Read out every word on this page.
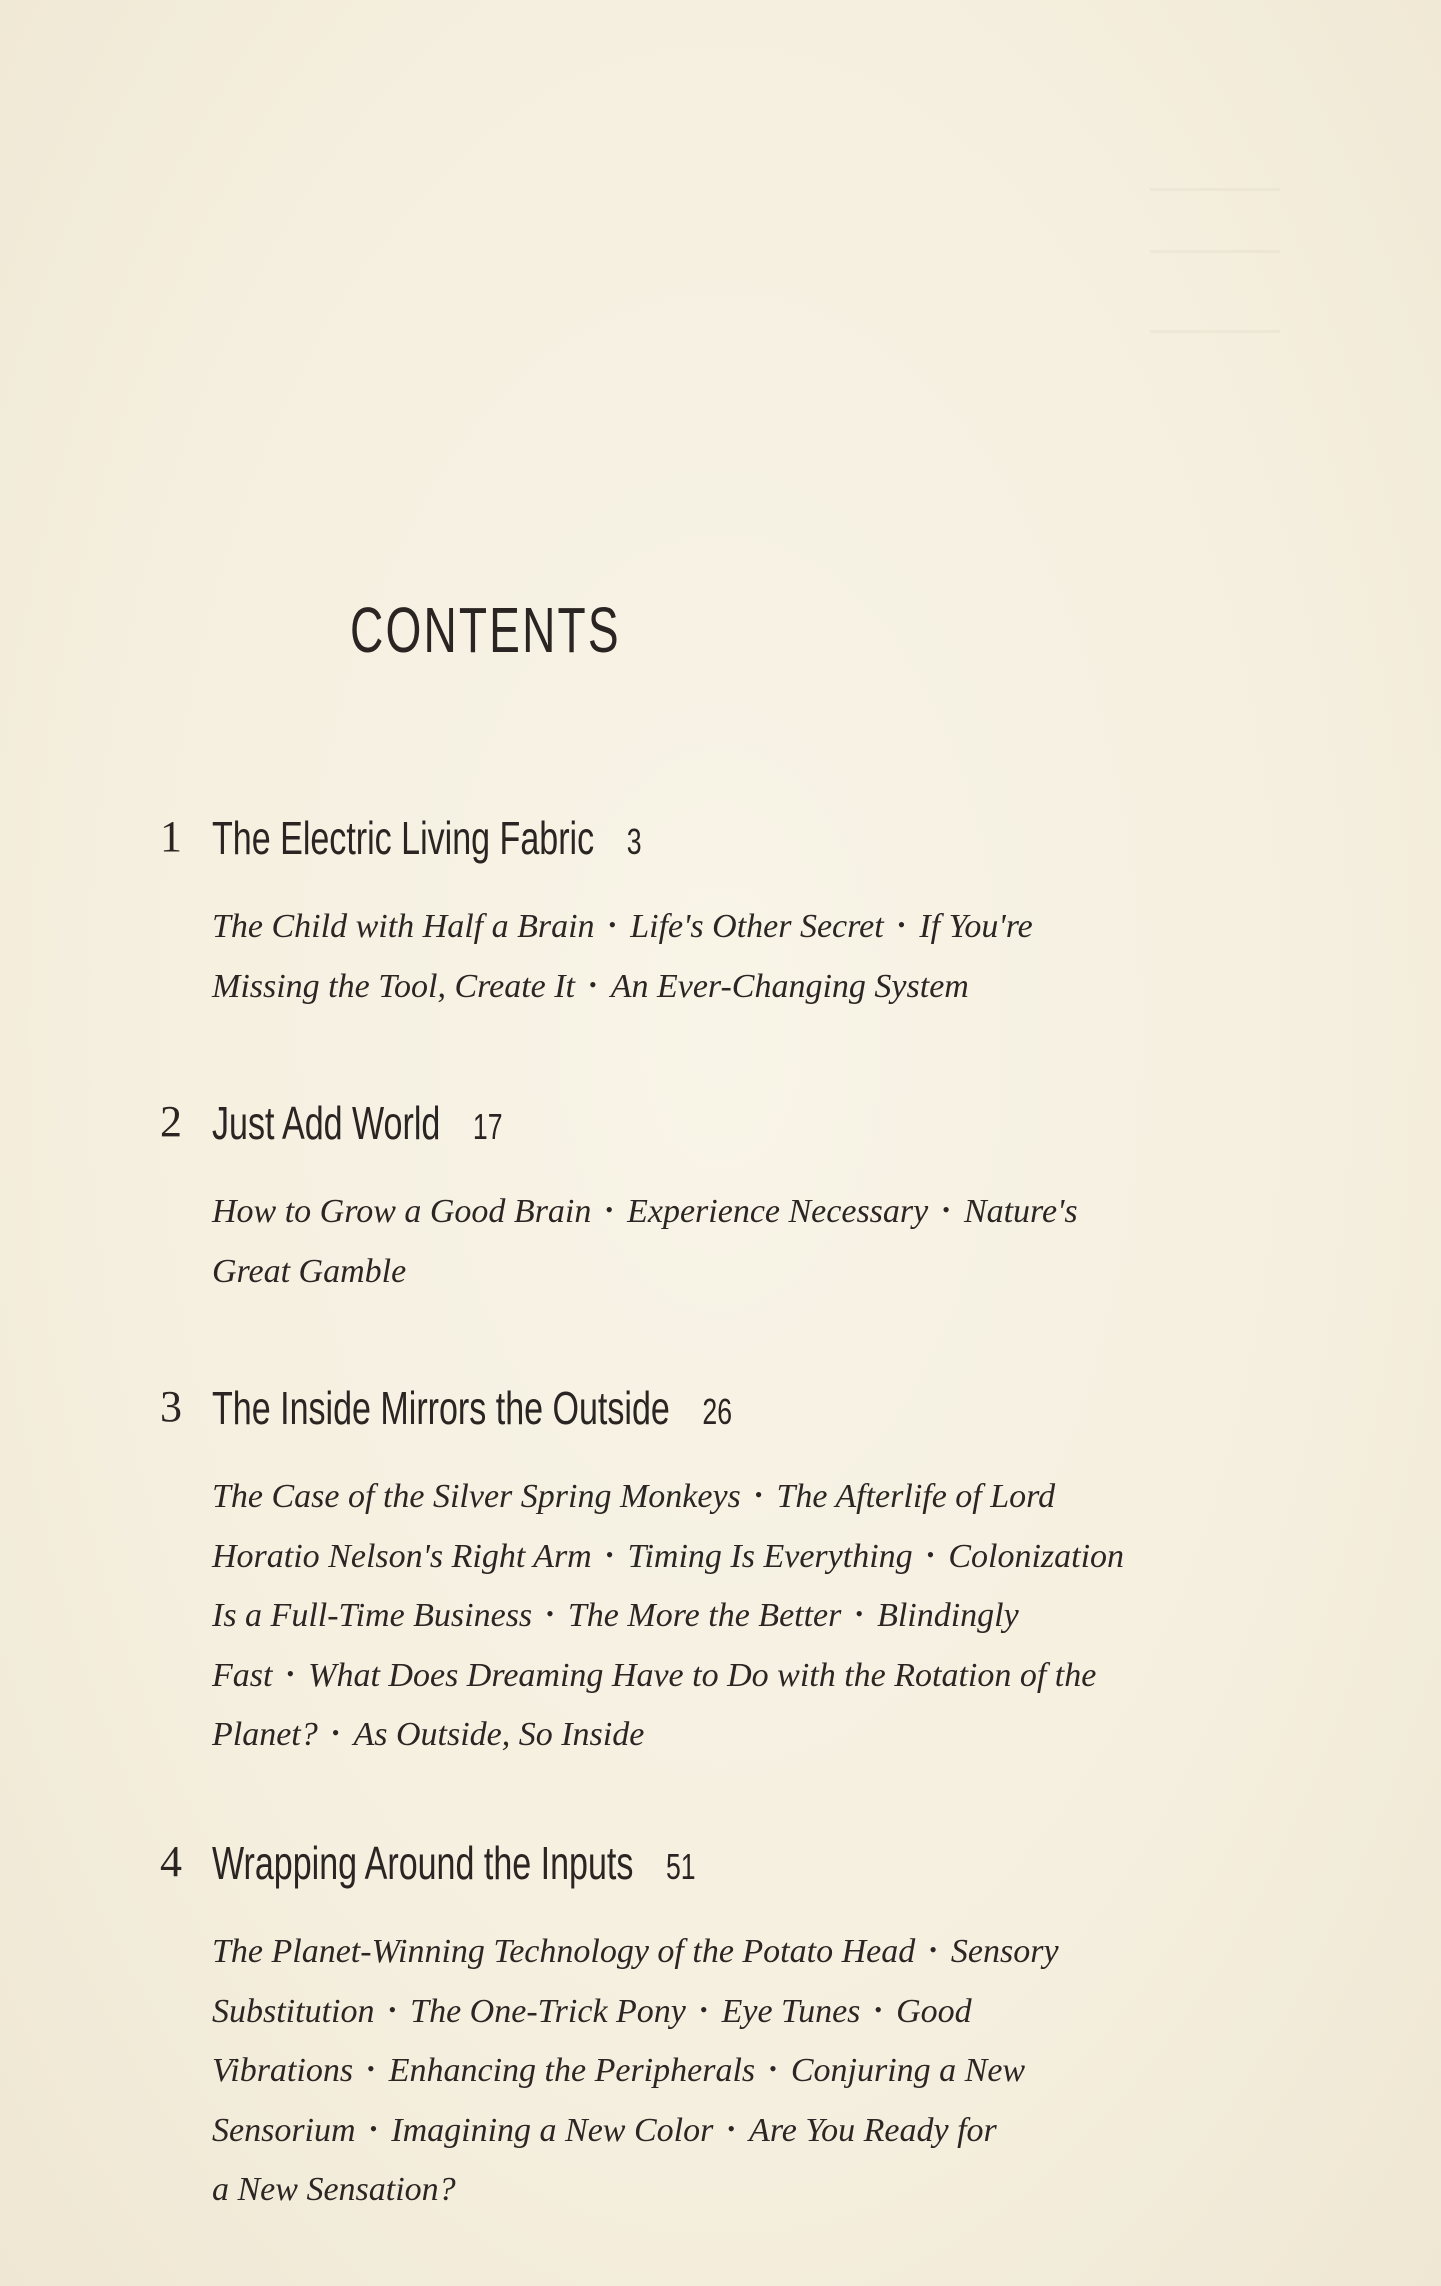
CONTENTS
1 The Electric Living Fabric 3
The Child with Half a Brain • Life's Other Secret • If You're
Missing the Tool, Create It • An Ever-Changing System
2 Just Add World 17
How to Grow a Good Brain • Experience Necessary • Nature's
Great Gamble
3 The Inside Mirrors the Outside 26
The Case of the Silver Spring Monkeys • The Afterlife of Lord
Horatio Nelson's Right Arm • Timing Is Everything • Colonization
Is a Full-Time Business • The More the Better • Blindingly
Fast • What Does Dreaming Have to Do with the Rotation of the
Planet? • As Outside, So Inside
4 Wrapping Around the Inputs 51
The Planet-Winning Technology of the Potato Head • Sensory
Substitution • The One-Trick Pony • Eye Tunes • Good
Vibrations • Enhancing the Peripherals • Conjuring a New
Sensorium • Imagining a New Color • Are You Ready for
a New Sensation?
